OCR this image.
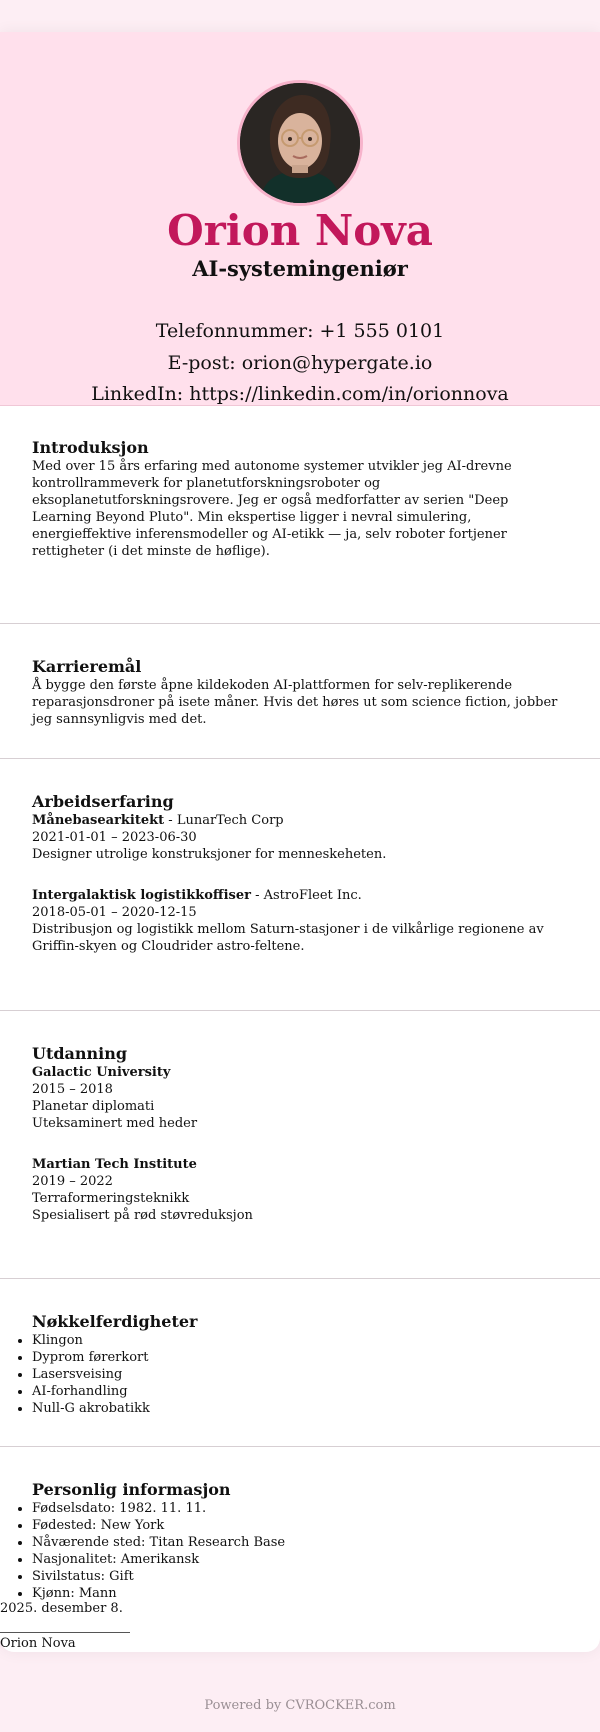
Orion Nova
AI-systemingeniør
Telefonnummer: +1 555 0101
E-post: orion@hypergate.io
LinkedIn: https://linkedin.com/in/orionnova
Introduksjon
Med over 15 års erfaring med autonome systemer utvikler jeg AI-drevne kontrollrammeverk for planetutforskningsroboter og eksoplanetutforskningsrovere. Jeg er også medforfatter av serien "Deep Learning Beyond Pluto". Min ekspertise ligger i nevral simulering, energieffektive inferensmodeller og AI-etikk — ja, selv roboter fortjener rettigheter (i det minste de høflige).
Karrieremål
Å bygge den første åpne kildekoden AI-plattformen for selv-replikerende reparasjonsdroner på isete måner. Hvis det høres ut som science fiction, jobber jeg sannsynligvis med det.
Arbeidserfaring
Månebasearkitekt - LunarTech Corp
2021-01-01 – 2023-06-30
Designer utrolige konstruksjoner for menneskeheten.
Intergalaktisk logistikkoffiser - AstroFleet Inc.
2018-05-01 – 2020-12-15
Distribusjon og logistikk mellom Saturn-stasjoner i de vilkårlige regionene av Griffin-skyen og Cloudrider astro-feltene.
Utdanning
Galactic University
2015 – 2018
Planetar diplomati
Uteksaminert med heder
Martian Tech Institute
2019 – 2022
Terraformeringsteknikk
Spesialisert på rød støvreduksjon
Nøkkelferdigheter
• Klingon
• Dyprom førerkort
• Lasersveising
• AI-forhandling
• Null-G akrobatikk
Personlig informasjon
• Fødselsdato: 1982. 11. 11.
• Fødested: New York
• Nåværende sted: Titan Research Base
• Nasjonalitet: Amerikansk
• Sivilstatus: Gift
• Kjønn: Mann
2025. desember 8.
Orion Nova
Powered by CVROCKER.com
